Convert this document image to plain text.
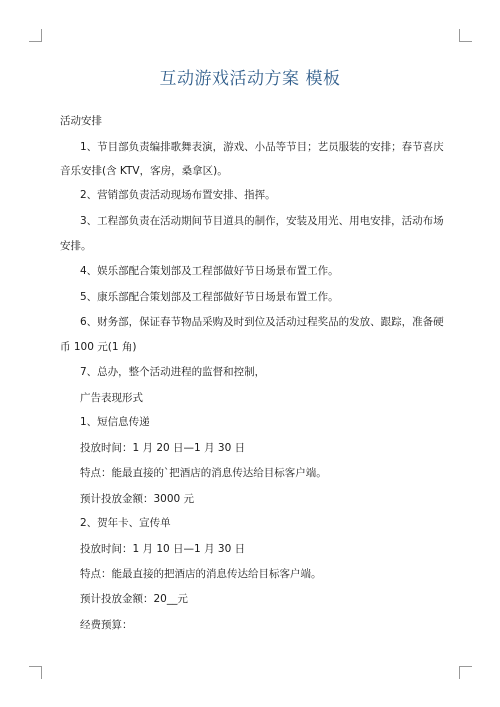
互动游戏活动方案 模板
活动安排
1、节目部负责编排歌舞表演，游戏、小品等节目；艺员服装的安排；春节喜庆
音乐安排(含 KTV，客房，桑拿区)。
2、营销部负责活动现场布置安排、指挥。
3、工程部负责在活动期间节目道具的制作，安装及用光、用电安排，活动布场
安排。
4、娱乐部配合策划部及工程部做好节日场景布置工作。
5、康乐部配合策划部及工程部做好节日场景布置工作。
6、财务部，保证春节物品采购及时到位及活动过程奖品的发放、跟踪，准备硬
币 100 元(1 角)
7、总办，整个活动进程的监督和控制，
广告表现形式
1、短信息传递
投放时间：1 月 20 日—1 月 30 日
特点：能最直接的`把酒店的消息传达给目标客户端。
预计投放金额：3000 元
2、贺年卡、宣传单
投放时间：1 月 10 日—1 月 30 日
特点：能最直接的把酒店的消息传达给目标客户端。
预计投放金额：20__元
经费预算：
